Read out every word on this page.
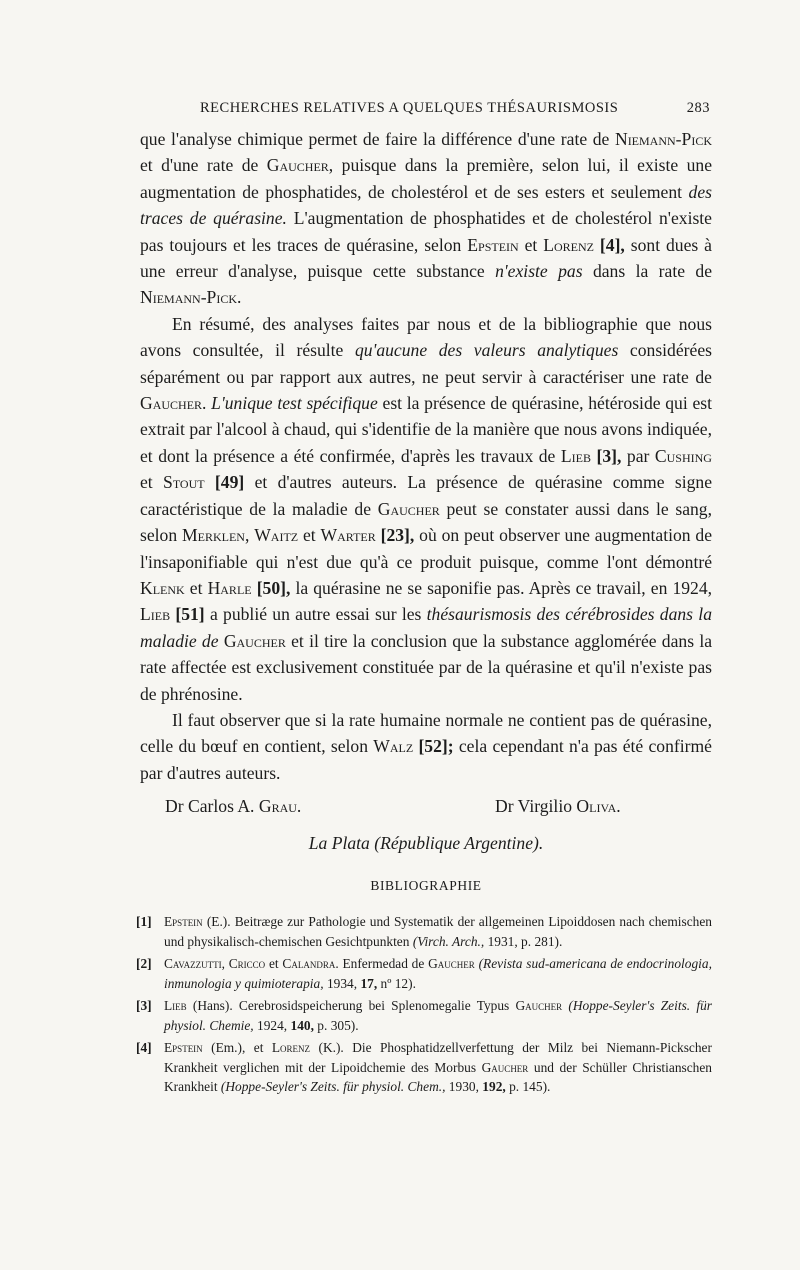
RECHERCHES RELATIVES A QUELQUES THÉSAURISMOSIS	283

que l'analyse chimique permet de faire la différence d'une rate de Niemann-Pick et d'une rate de Gaucher, puisque dans la première, selon lui, il existe une augmentation de phosphatides, de cholestérol et de ses esters et seulement des traces de quérasine. L'augmentation de phosphatides et de cholestérol n'existe pas toujours et les traces de quérasine, selon Epstein et Lorenz [4], sont dues à une erreur d'analyse, puisque cette substance n'existe pas dans la rate de Niemann-Pick.

En résumé, des analyses faites par nous et de la bibliographie que nous avons consultée, il résulte qu'aucune des valeurs analytiques considérées séparément ou par rapport aux autres, ne peut servir à caractériser une rate de Gaucher. L'unique test spécifique est la présence de quérasine, hétéroside qui est extrait par l'alcool à chaud, qui s'identifie de la manière que nous avons indiquée, et dont la présence a été confirmée, d'après les travaux de Lieb [3], par Cushing et Stout [49] et d'autres auteurs. La présence de quérasine comme signe caractéristique de la maladie de Gaucher peut se constater aussi dans le sang, selon Merklen, Waitz et Warter [23], où on peut observer une augmentation de l'insaponifiable qui n'est due qu'à ce produit puisque, comme l'ont démontré Klenk et Harle [50], la quérasine ne se saponifie pas. Après ce travail, en 1924, Lieb [51] a publié un autre essai sur les thésaurismosis des cérébrosides dans la maladie de Gaucher et il tire la conclusion que la substance agglomérée dans la rate affectée est exclusivement constituée par de la quérasine et qu'il n'existe pas de phrénosine.

Il faut observer que si la rate humaine normale ne contient pas de quérasine, celle du bœuf en contient, selon Walz [52]; cela cependant n'a pas été confirmé par d'autres auteurs.

Dr Carlos A. Grau.	Dr Virgilio Oliva.
La Plata (République Argentine).
BIBLIOGRAPHIE
[1] Epstein (E.). Beitræge zur Pathologie und Systematik der allgemeinen Lipoiddosen nach chemischen und physikalisch-chemischen Gesichtpunkten (Virch. Arch., 1931, p. 281).
[2] Cavazzutti, Cricco et Calandra. Enfermedad de Gaucher (Revista sud-americana de endocrinologia, inmunologia y quimioterapia, 1934, 17, nº 12).
[3] Lieb (Hans). Cerebrosidspeicherung bei Splenomegalie Typus Gaucher (Hoppe-Seyler's Zeits. für physiol. Chemie, 1924, 140, p. 305).
[4] Epstein (Em.), et Lorenz (K.). Die Phosphatidzellverfettung der Milz bei Niemann-Pickscher Krankheit verglichen mit der Lipoidchemie des Morbus Gaucher und der Schüller Christianschen Krankheit (Hoppe-Seyler's Zeits. für physiol. Chem., 1930, 192, p. 145).
